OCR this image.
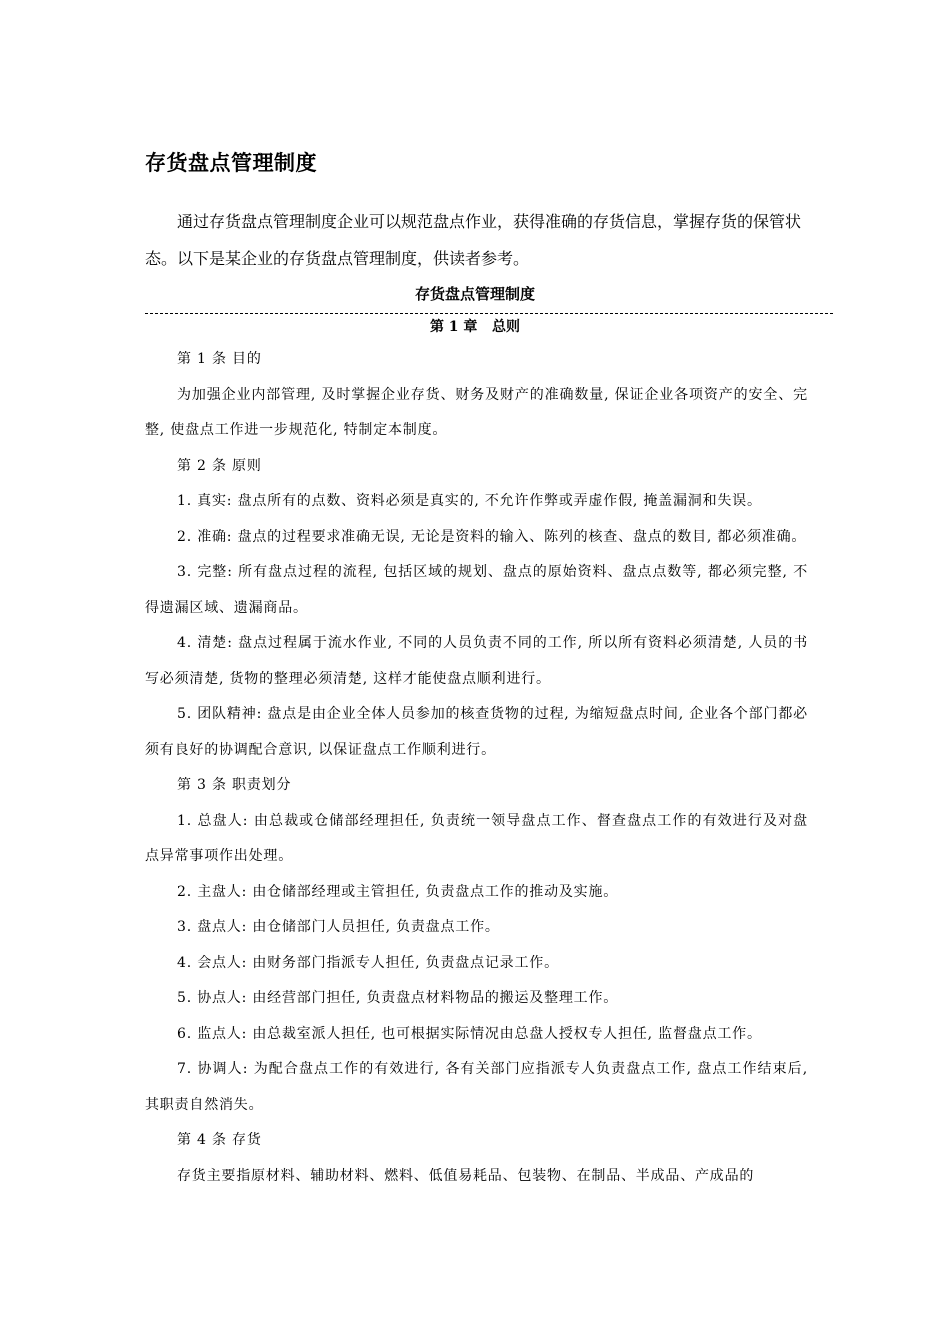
存货盘点管理制度

通过存货盘点管理制度企业可以规范盘点作业，获得准确的存货信息，掌握存货的保管状态。以下是某企业的存货盘点管理制度，供读者参考。

存货盘点管理制度
第 1 章   总则

第 1 条 目的

为加强企业内部管理, 及时掌握企业存货、财务及财产的准确数量, 保证企业各项资产的安全、完整, 使盘点工作进一步规范化, 特制定本制度。

第 2 条 原则

1. 真实: 盘点所有的点数、资料必须是真实的, 不允许作弊或弄虚作假, 掩盖漏洞和失误。

2. 准确: 盘点的过程要求准确无误, 无论是资料的输入、陈列的核查、盘点的数目, 都必须准确。

3. 完整: 所有盘点过程的流程, 包括区域的规划、盘点的原始资料、盘点点数等, 都必须完整, 不得遗漏区域、遗漏商品。

4. 清楚: 盘点过程属于流水作业, 不同的人员负责不同的工作, 所以所有资料必须清楚, 人员的书写必须清楚, 货物的整理必须清楚, 这样才能使盘点顺利进行。

5. 团队精神: 盘点是由企业全体人员参加的核查货物的过程, 为缩短盘点时间, 企业各个部门都必须有良好的协调配合意识, 以保证盘点工作顺利进行。

第 3 条 职责划分

1. 总盘人: 由总裁或仓储部经理担任, 负责统一领导盘点工作、督查盘点工作的有效进行及对盘点异常事项作出处理。

2. 主盘人: 由仓储部经理或主管担任, 负责盘点工作的推动及实施。

3. 盘点人: 由仓储部门人员担任, 负责盘点工作。

4. 会点人: 由财务部门指派专人担任, 负责盘点记录工作。

5. 协点人: 由经营部门担任, 负责盘点材料物品的搬运及整理工作。

6. 监点人: 由总裁室派人担任, 也可根据实际情况由总盘人授权专人担任, 监督盘点工作。

7. 协调人: 为配合盘点工作的有效进行, 各有关部门应指派专人负责盘点工作, 盘点工作结束后, 其职责自然消失。

第 4 条 存货

存货主要指原材料、辅助材料、燃料、低值易耗品、包装物、在制品、半成品、产成品的
